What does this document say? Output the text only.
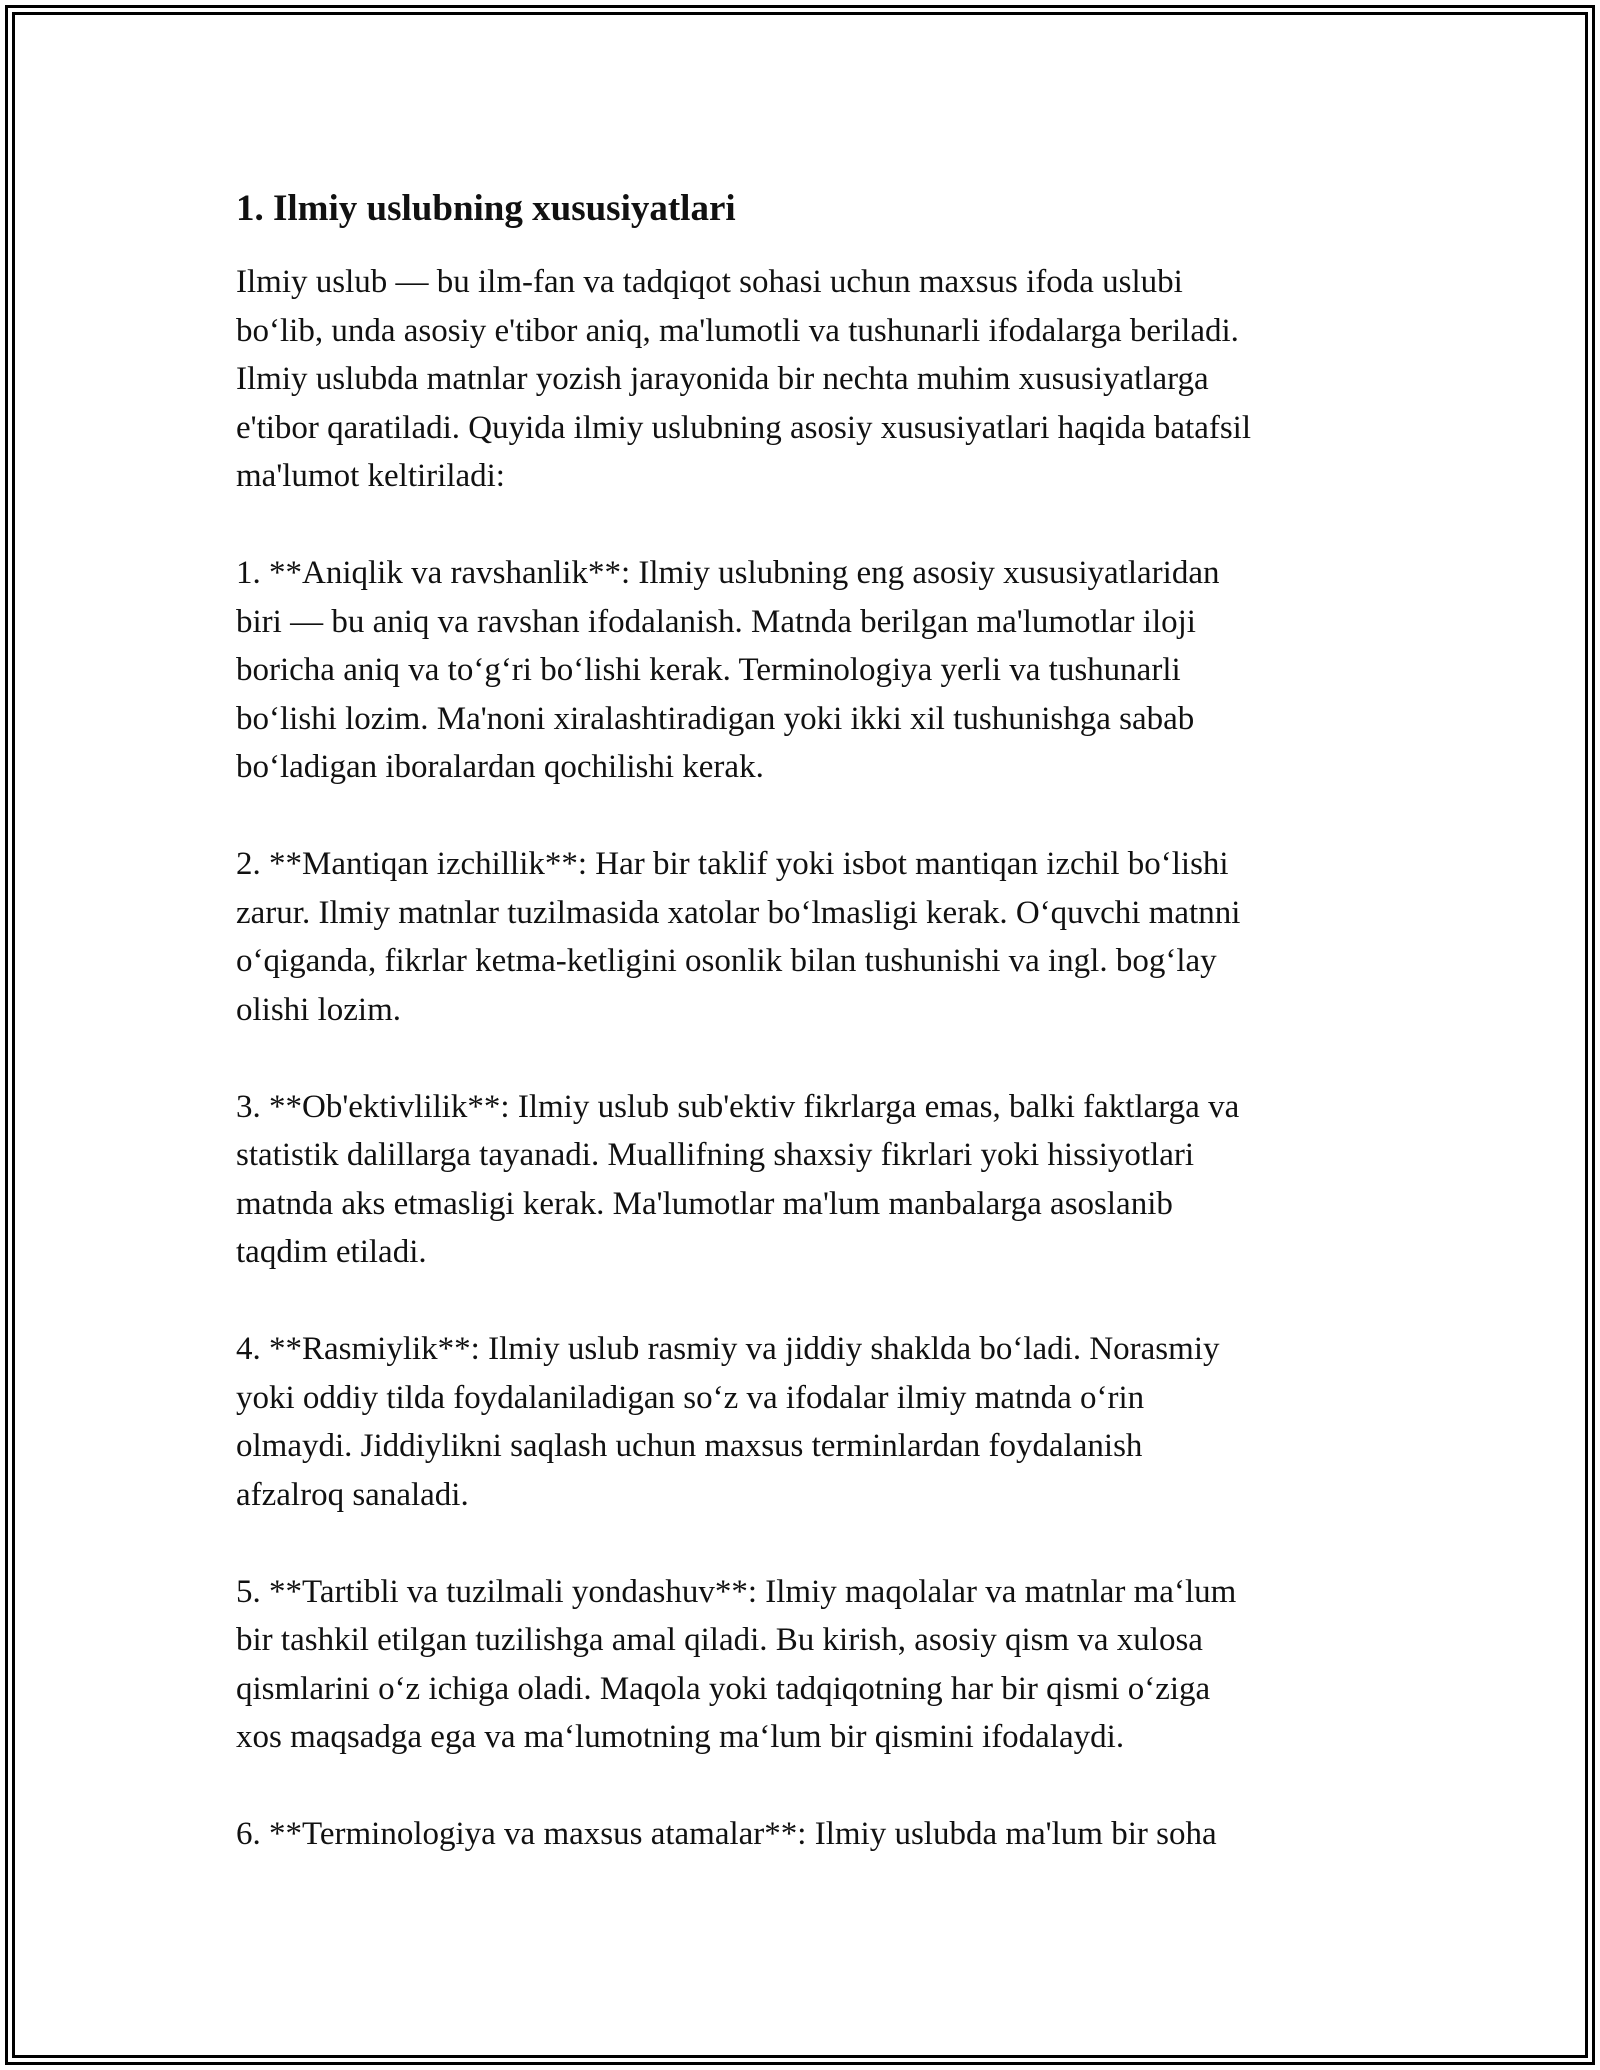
1. Ilmiy uslubning xususiyatlari

Ilmiy uslub — bu ilm-fan va tadqiqot sohasi uchun maxsus ifoda uslubi
bo‘lib, unda asosiy e'tibor aniq, ma'lumotli va tushunarli ifodalarga beriladi.
Ilmiy uslubda matnlar yozish jarayonida bir nechta muhim xususiyatlarga
e'tibor qaratiladi. Quyida ilmiy uslubning asosiy xususiyatlari haqida batafsil
ma'lumot keltiriladi:

1. **Aniqlik va ravshanlik**: Ilmiy uslubning eng asosiy xususiyatlaridan
biri — bu aniq va ravshan ifodalanish. Matnda berilgan ma'lumotlar iloji
boricha aniq va to‘g‘ri bo‘lishi kerak. Terminologiya yerli va tushunarli
bo‘lishi lozim. Ma'noni xiralashtiradigan yoki ikki xil tushunishga sabab
bo‘ladigan iboralardan qochilishi kerak.

2. **Mantiqan izchillik**: Har bir taklif yoki isbot mantiqan izchil bo‘lishi
zarur. Ilmiy matnlar tuzilmasida xatolar bo‘lmasligi kerak. O‘quvchi matnni
o‘qiganda, fikrlar ketma-ketligini osonlik bilan tushunishi va ingl. bog‘lay
olishi lozim.

3. **Ob'ektivlilik**: Ilmiy uslub sub'ektiv fikrlarga emas, balki faktlarga va
statistik dalillarga tayanadi. Muallifning shaxsiy fikrlari yoki hissiyotlari
matnda aks etmasligi kerak. Ma'lumotlar ma'lum manbalarga asoslanib
taqdim etiladi.

4. **Rasmiylik**: Ilmiy uslub rasmiy va jiddiy shaklda bo‘ladi. Norasmiy
yoki oddiy tilda foydalaniladigan so‘z va ifodalar ilmiy matnda o‘rin
olmaydi. Jiddiylikni saqlash uchun maxsus terminlardan foydalanish
afzalroq sanaladi.

5. **Tartibli va tuzilmali yondashuv**: Ilmiy maqolalar va matnlar ma‘lum
bir tashkil etilgan tuzilishga amal qiladi. Bu kirish, asosiy qism va xulosa
qismlarini o‘z ichiga oladi. Maqola yoki tadqiqotning har bir qismi o‘ziga
xos maqsadga ega va ma‘lumotning ma‘lum bir qismini ifodalaydi.

6. **Terminologiya va maxsus atamalar**: Ilmiy uslubda ma'lum bir soha
